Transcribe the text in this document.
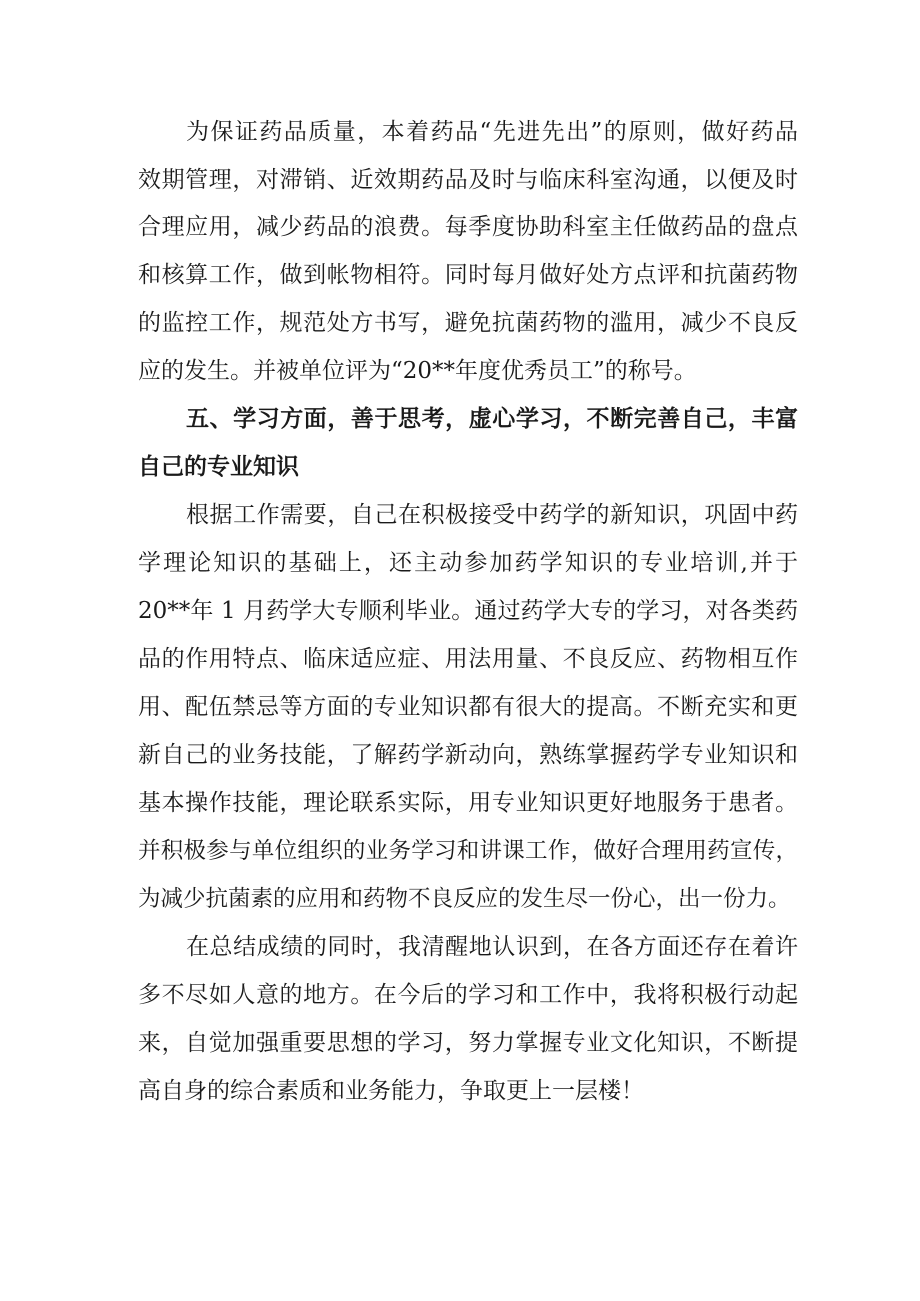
为保证药品质量，本着药品“先进先出”的原则，做好药品
效期管理，对滞销、近效期药品及时与临床科室沟通，以便及时
合理应用，减少药品的浪费。每季度协助科室主任做药品的盘点
和核算工作，做到帐物相符。同时每月做好处方点评和抗菌药物
的监控工作，规范处方书写，避免抗菌药物的滥用，减少不良反
应的发生。并被单位评为“20**年度优秀员工”的称号。
五、学习方面，善于思考，虚心学习，不断完善自己，丰富
自己的专业知识
根据工作需要，自己在积极接受中药学的新知识，巩固中药
学理论知识的基础上，还主动参加药学知识的专业培训,并于
20**年 1 月药学大专顺利毕业。通过药学大专的学习，对各类药
品的作用特点、临床适应症、用法用量、不良反应、药物相互作
用、配伍禁忌等方面的专业知识都有很大的提高。不断充实和更
新自己的业务技能，了解药学新动向，熟练掌握药学专业知识和
基本操作技能，理论联系实际，用专业知识更好地服务于患者。
并积极参与单位组织的业务学习和讲课工作，做好合理用药宣传，
为减少抗菌素的应用和药物不良反应的发生尽一份心，出一份力。
在总结成绩的同时，我清醒地认识到，在各方面还存在着许
多不尽如人意的地方。在今后的学习和工作中，我将积极行动起
来，自觉加强重要思想的学习，努力掌握专业文化知识，不断提
高自身的综合素质和业务能力，争取更上一层楼！
